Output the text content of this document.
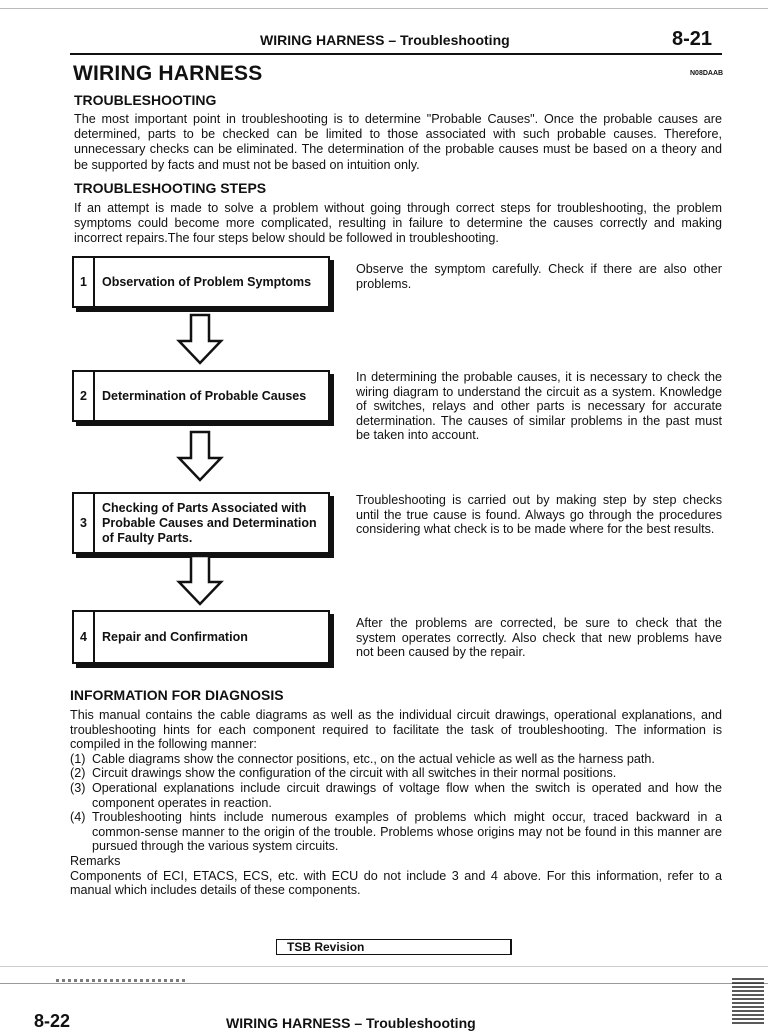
WIRING HARNESS – Troubleshooting	8-21
WIRING HARNESS	N08DAAB
TROUBLESHOOTING
The most important point in troubleshooting is to determine "Probable Causes". Once the probable causes are determined, parts to be checked can be limited to those associated with such probable causes. Therefore, unnecessary checks can be eliminated. The determination of the probable causes must be based on a theory and be supported by facts and must not be based on intuition only.
TROUBLESHOOTING STEPS
If an attempt is made to solve a problem without going through correct steps for troubleshooting, the problem symptoms could become more complicated, resulting in failure to determine the causes correctly and making incorrect repairs.The four steps below should be followed in troubleshooting.
1	Observation of Problem Symptoms
Observe the symptom carefully. Check if there are also other problems.
2	Determination of Probable Causes
In determining the probable causes, it is necessary to check the wiring diagram to understand the circuit as a system. Knowledge of switches, relays and other parts is necessary for accurate determination. The causes of similar problems in the past must be taken into account.
3
Checking of Parts Associated with Probable Causes and Determination of Faulty Parts.
Troubleshooting is carried out by making step by step checks until the true cause is found. Always go through the procedures considering what check is to be made where for the best results.
4	Repair and Confirmation
After the problems are corrected, be sure to check that the system operates correctly. Also check that new problems have not been caused by the repair.
INFORMATION FOR DIAGNOSIS
This manual contains the cable diagrams as well as the individual circuit drawings, operational explanations, and troubleshooting hints for each component required to facilitate the task of troubleshooting. The information is compiled in the following manner:
(1) Cable diagrams show the connector positions, etc., on the actual vehicle as well as the harness path.
(2) Circuit drawings show the configuration of the circuit with all switches in their normal positions.
(3) Operational explanations include circuit drawings of voltage flow when the switch is operated and how the component operates in reaction.
(4) Troubleshooting hints include numerous examples of problems which might occur, traced backward in a common-sense manner to the origin of the trouble. Problems whose origins may not be found in this manner are pursued through the various system circuits.
Remarks
Components of ECI, ETACS, ECS, etc. with ECU do not include 3 and 4 above. For this information, refer to a manual which includes details of these components.
TSB Revision
8-22	WIRING HARNESS – Troubleshooting
